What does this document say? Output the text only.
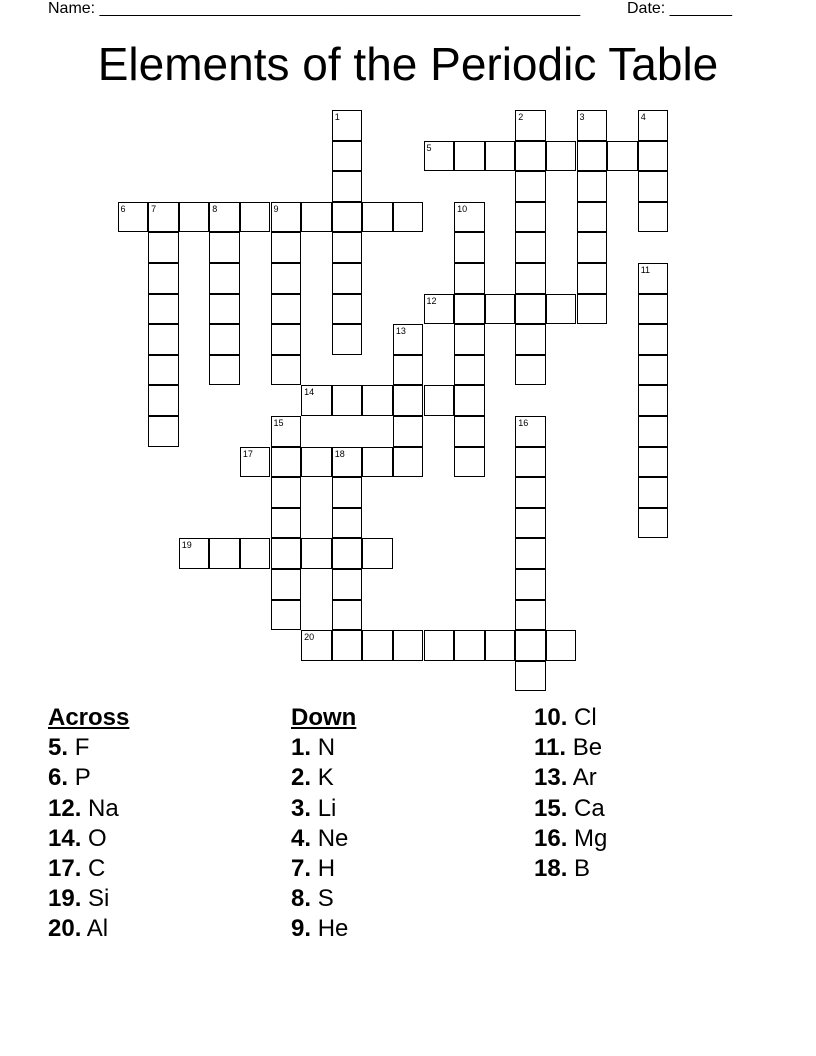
Name: ______________________________________________________	Date: _______
Elements of the Periodic Table
1	2	3	4
5
6	7	8	9	10
11
12
13
14
15	16
17	18
19
20
Across
5. F
6. P
12. Na
14. O
17. C
19. Si
20. Al
Down
1. N
2. K
3. Li
4. Ne
7. H
8. S
9. He
10. Cl
11. Be
13. Ar
15. Ca
16. Mg
18. B
